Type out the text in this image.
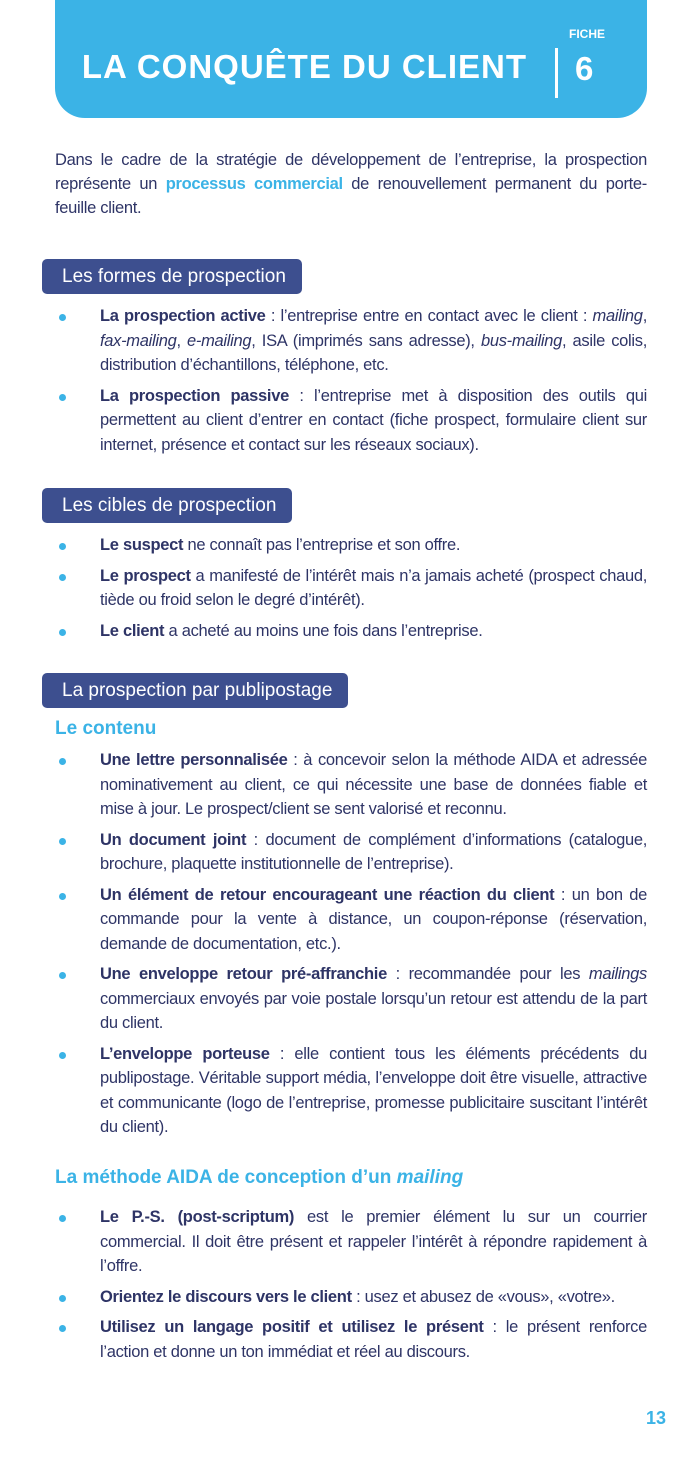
LA CONQUÊTE DU CLIENT
FICHE
6

Dans le cadre de la stratégie de développement de l’entreprise, la prospection représente un processus commercial de renouvellement permanent du porte-feuille client.

Les formes de prospection
La prospection active : l’entreprise entre en contact avec le client : mailing, fax-mailing, e-mailing, ISA (imprimés sans adresse), bus-mailing, asile colis, distribution d’échantillons, téléphone, etc.
La prospection passive : l’entreprise met à disposition des outils qui permettent au client d’entrer en contact (fiche prospect, formulaire client sur internet, présence et contact sur les réseaux sociaux).
Les cibles de prospection
Le suspect ne connaît pas l’entreprise et son offre.
Le prospect a manifesté de l’intérêt mais n’a jamais acheté (prospect chaud, tiède ou froid selon le degré d’intérêt).
Le client a acheté au moins une fois dans l’entreprise.
La prospection par publipostage
Le contenu
Une lettre personnalisée : à concevoir selon la méthode AIDA et adressée nominativement au client, ce qui nécessite une base de données fiable et mise à jour. Le prospect/client se sent valorisé et reconnu.
Un document joint : document de complément d’informations (catalogue, brochure, plaquette institutionnelle de l’entreprise).
Un élément de retour encourageant une réaction du client : un bon de commande pour la vente à distance, un coupon-réponse (réservation, demande de documentation, etc.).
Une enveloppe retour pré-affranchie : recommandée pour les mailings commerciaux envoyés par voie postale lorsqu’un retour est attendu de la part du client.
L’enveloppe porteuse : elle contient tous les éléments précédents du publipostage. Véritable support média, l’enveloppe doit être visuelle, attractive et communicante (logo de l’entreprise, promesse publicitaire suscitant l’intérêt du client).
La méthode AIDA de conception d’un mailing
Le P.-S. (post-scriptum) est le premier élément lu sur un courrier commercial. Il doit être présent et rappeler l’intérêt à répondre rapidement à l’offre.
Orientez le discours vers le client : usez et abusez de «vous», «votre».
Utilisez un langage positif et utilisez le présent : le présent renforce l’action et donne un ton immédiat et réel au discours.
13
